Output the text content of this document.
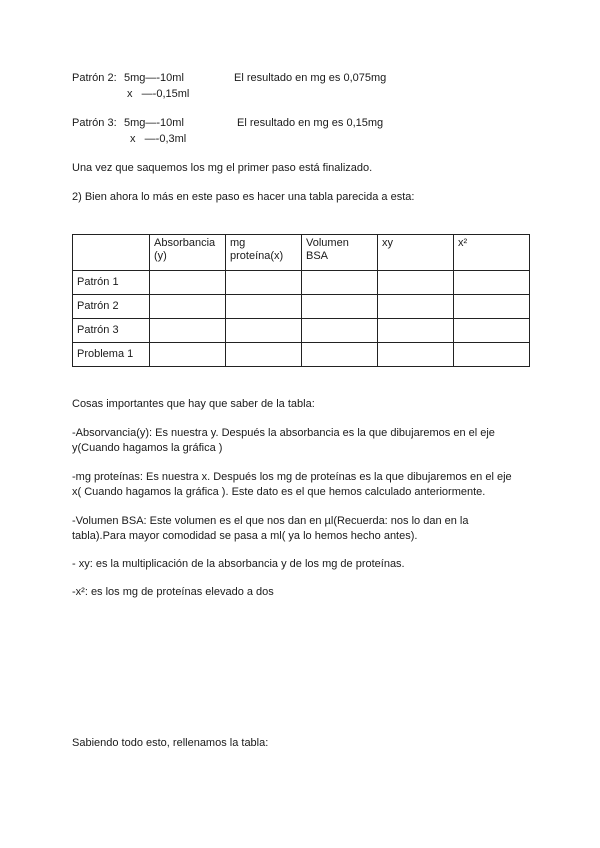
Patrón 2: 5mg—-10ml
x   —-0,15ml
El resultado en mg es 0,075mg
Patrón 3: 5mg—-10ml
x   —-0,3ml
El resultado en mg es 0,15mg
Una vez que saquemos los mg el primer paso está finalizado.
2) Bien ahora lo más en este paso es hacer una tabla parecida a esta:
	Absorbancia (y)	mg proteína(x)	Volumen BSA	xy	x²
Patrón 1					
Patrón 2					
Patrón 3					
Problema 1					
Cosas importantes que hay que saber de la tabla:
-Absorvancia(y): Es nuestra y. Después la absorbancia es la que dibujaremos en el eje
y(Cuando hagamos la gráfica )
-mg proteínas: Es nuestra x. Después los mg de proteínas es la que dibujaremos en el eje
x( Cuando hagamos la gráfica ). Este dato es el que hemos calculado anteriormente.
-Volumen BSA: Este volumen es el que nos dan en µl(Recuerda: nos lo dan en la
tabla).Para mayor comodidad se pasa a ml( ya lo hemos hecho antes).
- xy: es la multiplicación de la absorbancia y de los mg de proteínas.
-x²: es los mg de proteínas elevado a dos
Sabiendo todo esto, rellenamos la tabla:
